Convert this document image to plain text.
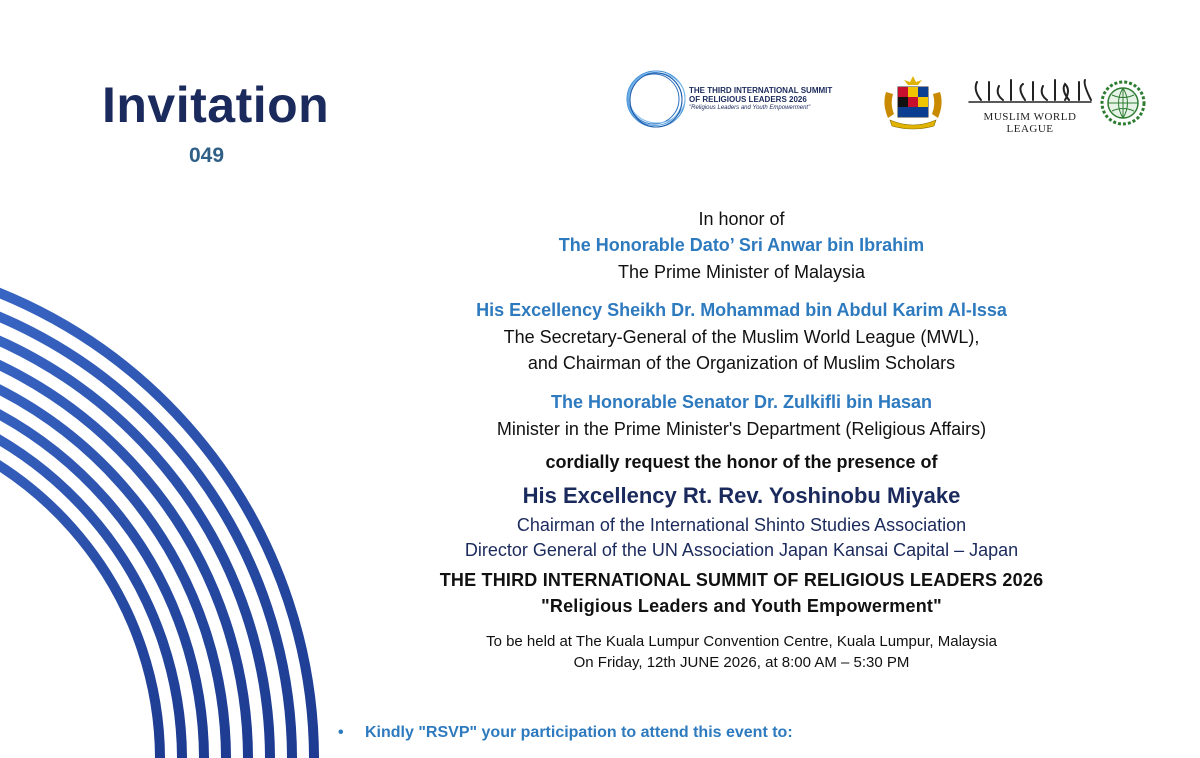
Invitation
049
THE THIRD INTERNATIONAL SUMMIT
OF RELIGIOUS LEADERS 2026
"Religious Leaders and Youth Empowerment"
MUSLIM WORLD LEAGUE
In honor of
The Honorable Dato’ Sri Anwar bin Ibrahim
The Prime Minister of Malaysia
His Excellency Sheikh Dr. Mohammad bin Abdul Karim Al-Issa
The Secretary-General of the Muslim World League (MWL),
and Chairman of the Organization of Muslim Scholars
The Honorable Senator Dr. Zulkifli bin Hasan
Minister in the Prime Minister's Department (Religious Affairs)
cordially request the honor of the presence of
His Excellency Rt. Rev. Yoshinobu Miyake
Chairman of the International Shinto Studies Association
Director General of the UN Association Japan Kansai Capital – Japan
THE THIRD INTERNATIONAL SUMMIT OF RELIGIOUS LEADERS 2026
"Religious Leaders and Youth Empowerment"
To be held at The Kuala Lumpur Convention Centre, Kuala Lumpur, Malaysia
On Friday, 12th JUNE 2026, at 8:00 AM – 5:30 PM
• Kindly "RSVP" your participation to attend this event to:
